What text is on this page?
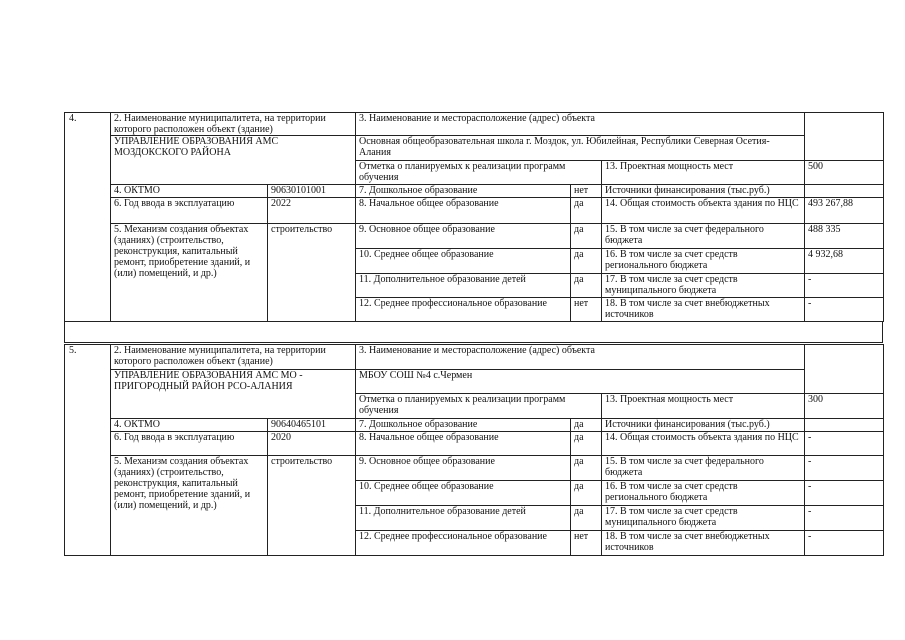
4.	2. Наименование муниципалитета, на территории которого расположен объект (здание)		3. Наименование и месторасположение (адрес) объекта			
	УПРАВЛЕНИЕ ОБРАЗОВАНИЯ АМС МОЗДОКСКОГО РАЙОНА		Основная общеобразовательная школа г. Моздок, ул. Юбилейная, Республики Северная Осетия-Алания			
			Отметка о планируемых к реализации программ обучения		13. Проектная мощность мест	500
	4. ОКТМО	90630101001	7. Дошкольное образование	нет	Источники финансирования (тыс.руб.)	
	6. Год ввода в эксплуатацию	2022	8. Начальное общее образование	да	14. Общая стоимость объекта здания по НЦС	493 267,88
	5. Механизм создания объектах (зданиях) (строительство, реконструкция, капитальный ремонт, приобретение зданий, и (или) помещений, и др.)	строительство	9. Основное общее образование	да	15. В том числе за счет федерального бюджета	488 335
			10. Среднее общее образование	да	16. В том числе за счет средств регионального бюджета	4 932,68
			11. Дополнительное образование детей	да	17. В том числе за счет средств муниципального бюджета	-
			12. Среднее профессиональное образование	нет	18. В том числе за счет внебюджетных источников	-
5.	2. Наименование муниципалитета, на территории которого расположен объект (здание)		3. Наименование и месторасположение (адрес) объекта			
	УПРАВЛЕНИЕ ОБРАЗОВАНИЯ АМС МО - ПРИГОРОДНЫЙ РАЙОН РСО-АЛАНИЯ		МБОУ СОШ №4 с.Чермен			
			Отметка о планируемых к реализации программ обучения		13. Проектная мощность мест	300
	4. ОКТМО	90640465101	7. Дошкольное образование	да	Источники финансирования (тыс.руб.)	
	6. Год ввода в эксплуатацию	2020	8. Начальное общее образование	да	14. Общая стоимость объекта здания по НЦС	-
	5. Механизм создания объектах (зданиях) (строительство, реконструкция, капитальный ремонт, приобретение зданий, и (или) помещений, и др.)	строительство	9. Основное общее образование	да	15. В том числе за счет федерального бюджета	-
			10. Среднее общее образование	да	16. В том числе за счет средств регионального бюджета	-
			11. Дополнительное образование детей	да	17. В том числе за счет средств муниципального бюджета	-
			12. Среднее профессиональное образование	нет	18. В том числе за счет внебюджетных источников	-
